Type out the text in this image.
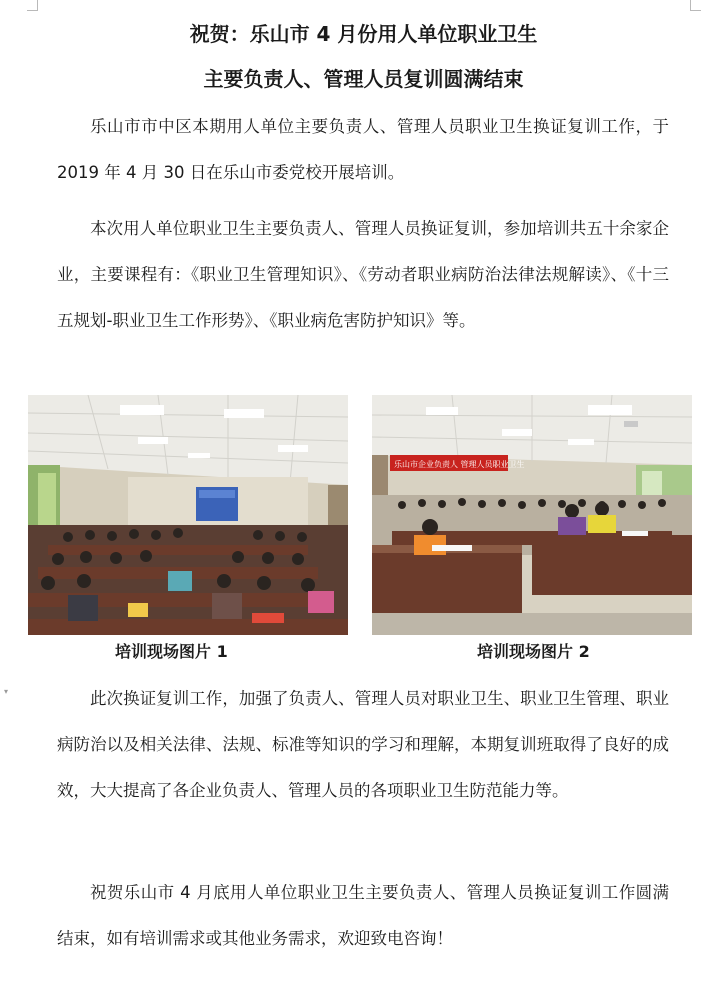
▾
祝贺：乐山市 4 月份用人单位职业卫生
主要负责人、管理人员复训圆满结束

乐山市市中区本期用人单位主要负责人、管理人员职业卫生换证复训工作，于 2019 年 4 月 30 日在乐山市委党校开展培训。

本次用人单位职业卫生主要负责人、管理人员换证复训，参加培训共五十余家企业，主要课程有：《职业卫生管理知识》、《劳动者职业病防治法律法规解读》、《十三五规划-职业卫生工作形势》、《职业病危害防护知识》等。

乐山市企业负责人 管理人员职业卫生

培训现场图片 1	培训现场图片 2

此次换证复训工作，加强了负责人、管理人员对职业卫生、职业卫生管理、职业病防治以及相关法律、法规、标准等知识的学习和理解，本期复训班取得了良好的成效，大大提高了各企业负责人、管理人员的各项职业卫生防范能力等。

祝贺乐山市 4 月底用人单位职业卫生主要负责人、管理人员换证复训工作圆满结束，如有培训需求或其他业务需求，欢迎致电咨询！
